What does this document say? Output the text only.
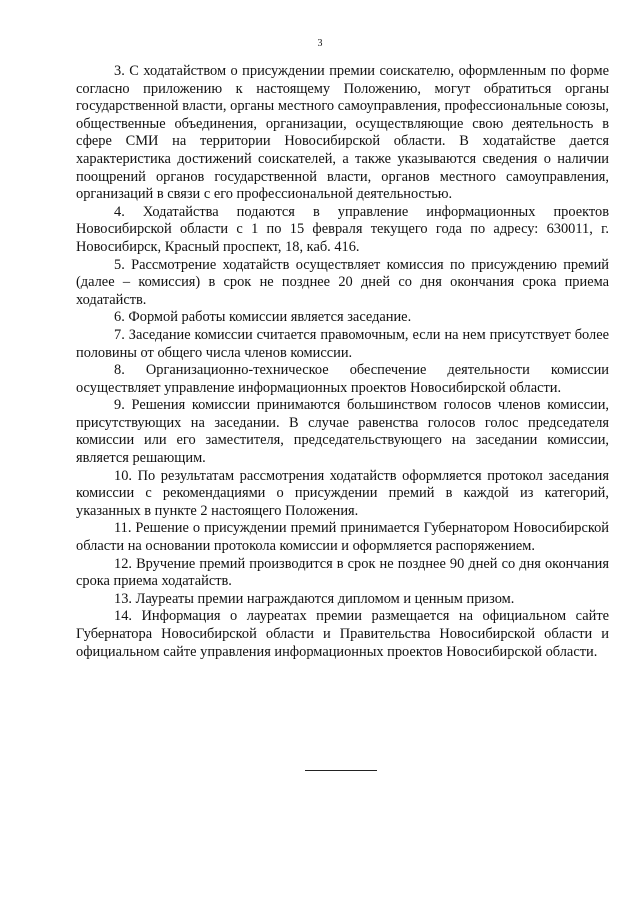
3

3. С ходатайством о присуждении премии соискателю, оформленным по форме согласно приложению к настоящему Положению, могут обратиться органы государственной власти, органы местного самоуправления, профессиональные союзы, общественные объединения, организации, осуществляющие свою деятельность в сфере СМИ на территории Новосибирской области. В ходатайстве дается характеристика достижений соискателей, а также указываются сведения о наличии поощрений органов государственной власти, органов местного самоуправления, организаций в связи с его профессиональной деятельностью.

4. Ходатайства подаются в управление информационных проектов Новосибирской области с 1 по 15 февраля текущего года по адресу: 630011, г. Новосибирск, Красный проспект, 18, каб. 416.

5. Рассмотрение ходатайств осуществляет комиссия по присуждению премий (далее – комиссия) в срок не позднее 20 дней со дня окончания срока приема ходатайств.

6. Формой работы комиссии является заседание.

7. Заседание комиссии считается правомочным, если на нем присутствует более половины от общего числа членов комиссии.

8. Организационно-техническое обеспечение деятельности комиссии осуществляет управление информационных проектов Новосибирской области.

9. Решения комиссии принимаются большинством голосов членов комиссии, присутствующих на заседании. В случае равенства голосов голос председателя комиссии или его заместителя, председательствующего на заседании комиссии, является решающим.

10. По результатам рассмотрения ходатайств оформляется протокол заседания комиссии с рекомендациями о присуждении премий в каждой из категорий, указанных в пункте 2 настоящего Положения.

11. Решение о присуждении премий принимается Губернатором Новосибирской области на основании протокола комиссии и оформляется распоряжением.

12. Вручение премий производится в срок не позднее 90 дней со дня окончания срока приема ходатайств.

13. Лауреаты премии награждаются дипломом и ценным призом.

14. Информация о лауреатах премии размещается на официальном сайте Губернатора Новосибирской области и Правительства Новосибирской области и официальном сайте управления информационных проектов Новосибирской области.
